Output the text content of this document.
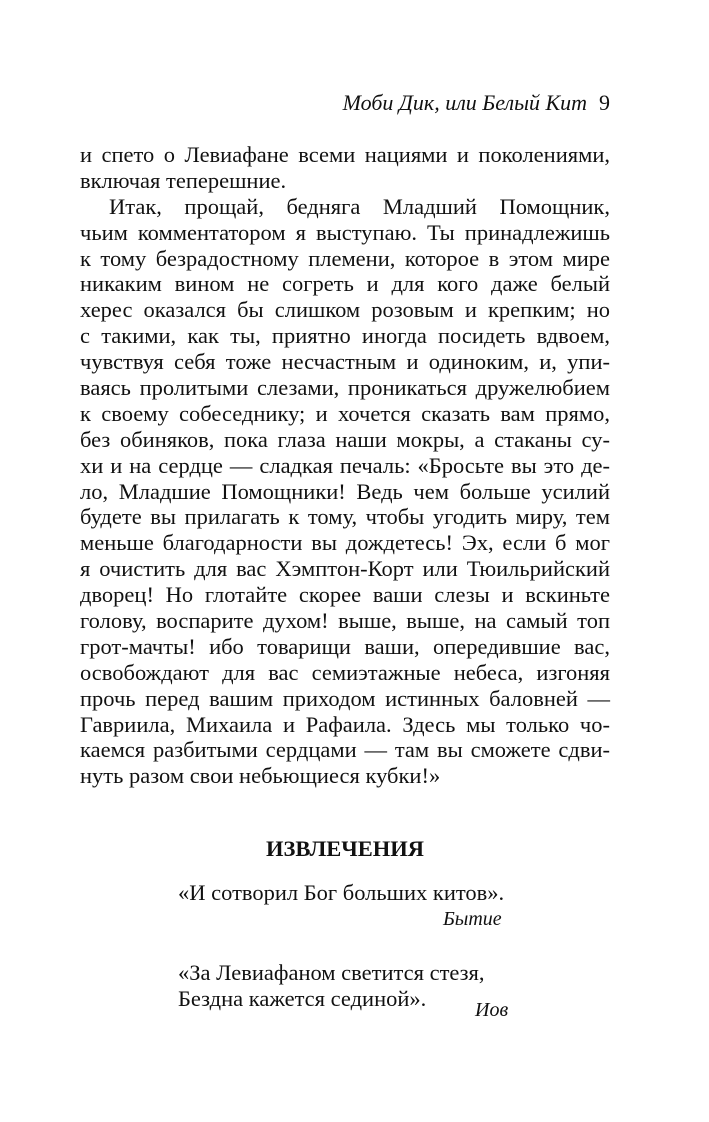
Моби Дик, или Белый Кит 9
и спето о Левиафане всеми нациями и поколениями,
включая теперешние.
Итак, прощай, бедняга Младший Помощник,
чьим комментатором я выступаю. Ты принадлежишь
к тому безрадостному племени, которое в этом мире
никаким вином не согреть и для кого даже белый
херес оказался бы слишком розовым и крепким; но
с такими, как ты, приятно иногда посидеть вдвоем,
чувствуя себя тоже несчастным и одиноким, и, упи-
ваясь пролитыми слезами, проникаться дружелюбием
к своему собеседнику; и хочется сказать вам прямо,
без обиняков, пока глаза наши мокры, а стаканы су-
хи и на сердце — сладкая печаль: «Бросьте вы это де-
ло, Младшие Помощники! Ведь чем больше усилий
будете вы прилагать к тому, чтобы угодить миру, тем
меньше благодарности вы дождетесь! Эх, если б мог
я очистить для вас Хэмптон-Корт или Тюильрийский
дворец! Но глотайте скорее ваши слезы и вскиньте
голову, воспарите духом! выше, выше, на самый топ
грот-мачты! ибо товарищи ваши, опередившие вас,
освобождают для вас семиэтажные небеса, изгоняя
прочь перед вашим приходом истинных баловней —
Гавриила, Михаила и Рафаила. Здесь мы только чо-
каемся разбитыми сердцами — там вы сможете сдви-
нуть разом свои небьющиеся кубки!»
ИЗВЛЕЧЕНИЯ
«И сотворил Бог больших китов».
Бытие
«За Левиафаном светится стезя,
Бездна кажется сединой».	Иов
